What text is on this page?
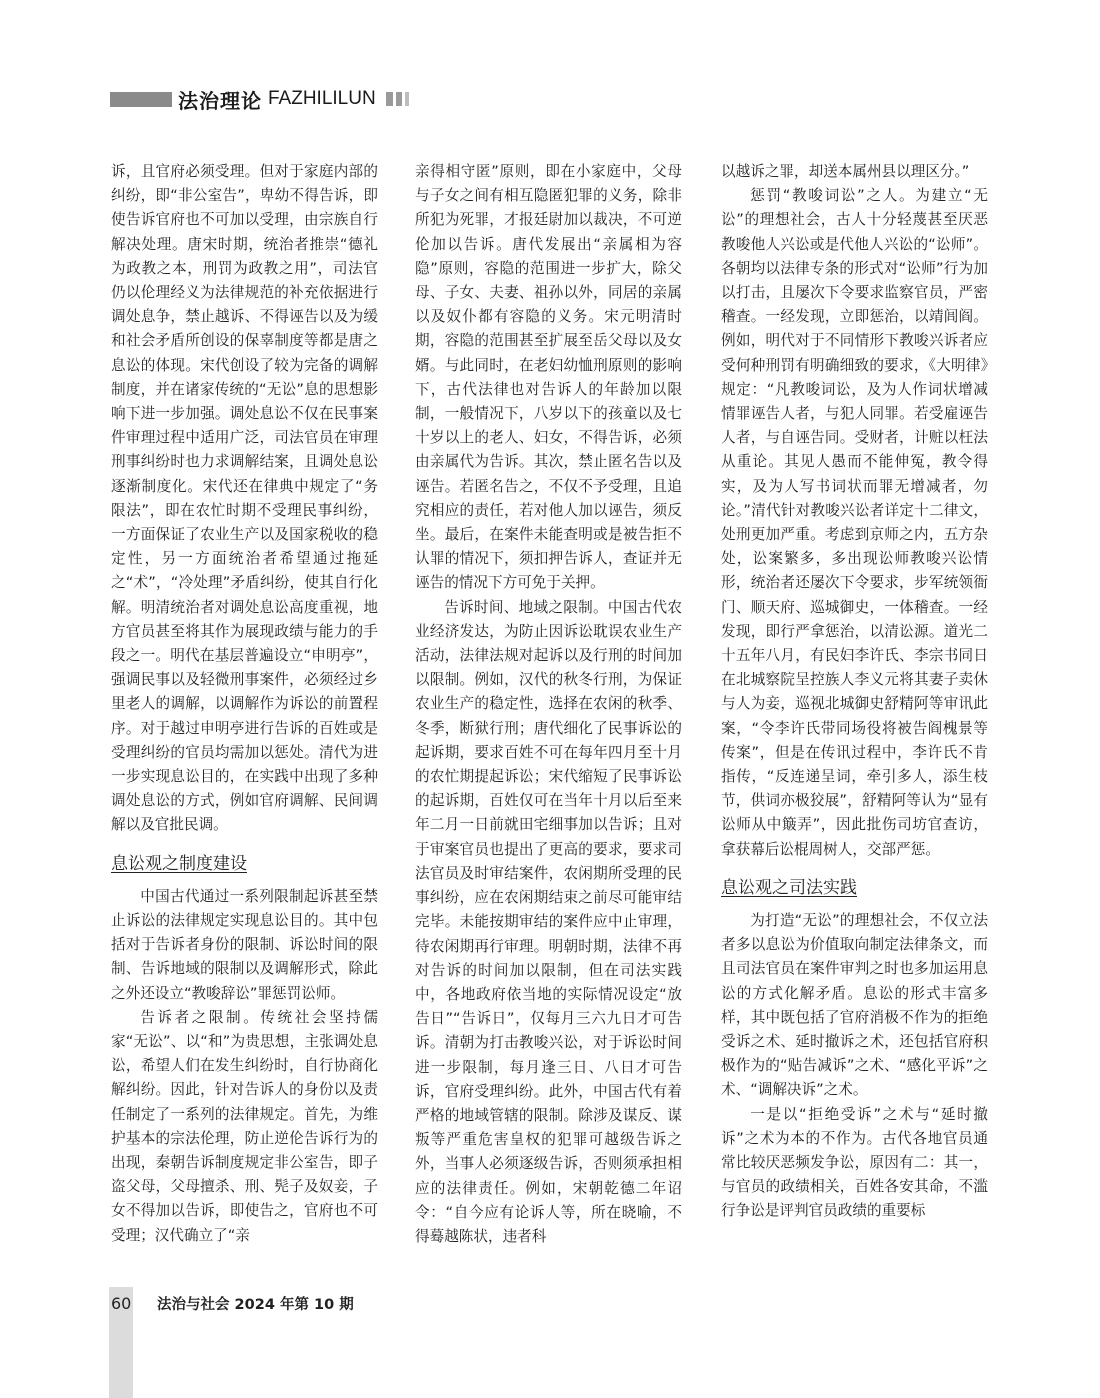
法治理论 FAZHILILUN

诉，且官府必须受理。但对于家庭内部的纠纷，即“非公室告”，卑幼不得告诉，即使告诉官府也不可加以受理，由宗族自行解决处理。唐宋时期，统治者推崇“德礼为政教之本，刑罚为政教之用”，司法官仍以伦理经义为法律规范的补充依据进行调处息争，禁止越诉、不得诬告以及为缓和社会矛盾所创设的保辜制度等都是唐之息讼的体现。宋代创设了较为完备的调解制度，并在诸家传统的“无讼”息的思想影响下进一步加强。调处息讼不仅在民事案件审理过程中适用广泛，司法官员在审理刑事纠纷时也力求调解结案，且调处息讼逐渐制度化。宋代还在律典中规定了“务限法”，即在农忙时期不受理民事纠纷，一方面保证了农业生产以及国家税收的稳定性，另一方面统治者希望通过拖延之“术”，“冷处理”矛盾纠纷，使其自行化解。明清统治者对调处息讼高度重视，地方官员甚至将其作为展现政绩与能力的手段之一。明代在基层普遍设立“申明亭”，强调民事以及轻微刑事案件，必须经过乡里老人的调解，以调解作为诉讼的前置程序。对于越过申明亭进行告诉的百姓或是受理纠纷的官员均需加以惩处。清代为进一步实现息讼目的，在实践中出现了多种调处息讼的方式，例如官府调解、民间调解以及官批民调。

息讼观之制度建设

中国古代通过一系列限制起诉甚至禁止诉讼的法律规定实现息讼目的。其中包括对于告诉者身份的限制、诉讼时间的限制、告诉地域的限制以及调解形式，除此之外还设立“教唆辞讼”罪惩罚讼师。

告诉者之限制。传统社会坚持儒家“无讼”、以“和”为贵思想，主张调处息讼，希望人们在发生纠纷时，自行协商化解纠纷。因此，针对告诉人的身份以及责任制定了一系列的法律规定。首先，为维护基本的宗法伦理，防止逆伦告诉行为的出现，秦朝告诉制度规定非公室告，即子盗父母，父母擅杀、刑、髡子及奴妾，子女不得加以告诉，即使告之，官府也不可受理；汉代确立了“亲

亲得相守匿”原则，即在小家庭中，父母与子女之间有相互隐匿犯罪的义务，除非所犯为死罪，才报廷尉加以裁决，不可逆伦加以告诉。唐代发展出“亲属相为容隐”原则，容隐的范围进一步扩大，除父母、子女、夫妻、祖孙以外，同居的亲属以及奴仆都有容隐的义务。宋元明清时期，容隐的范围甚至扩展至岳父母以及女婿。与此同时，在老妇幼恤刑原则的影响下，古代法律也对告诉人的年龄加以限制，一般情况下，八岁以下的孩童以及七十岁以上的老人、妇女，不得告诉，必须由亲属代为告诉。其次，禁止匿名告以及诬告。若匿名告之，不仅不予受理，且追究相应的责任，若对他人加以诬告，须反坐。最后，在案件未能查明或是被告拒不认罪的情况下，须扣押告诉人，查证并无诬告的情况下方可免于关押。

告诉时间、地域之限制。中国古代农业经济发达，为防止因诉讼耽误农业生产活动，法律法规对起诉以及行刑的时间加以限制。例如，汉代的秋冬行刑，为保证农业生产的稳定性，选择在农闲的秋季、冬季，断狱行刑；唐代细化了民事诉讼的起诉期，要求百姓不可在每年四月至十月的农忙期提起诉讼；宋代缩短了民事诉讼的起诉期，百姓仅可在当年十月以后至来年二月一日前就田宅细事加以告诉；且对于审案官员也提出了更高的要求，要求司法官员及时审结案件，农闲期所受理的民事纠纷，应在农闲期结束之前尽可能审结完毕。未能按期审结的案件应中止审理，待农闲期再行审理。明朝时期，法律不再对告诉的时间加以限制，但在司法实践中，各地政府依当地的实际情况设定“放告日”“告诉日”，仅每月三六九日才可告诉。清朝为打击教唆兴讼，对于诉讼时间进一步限制，每月逢三日、八日才可告诉，官府受理纠纷。此外，中国古代有着严格的地域管辖的限制。除涉及谋反、谋叛等严重危害皇权的犯罪可越级告诉之外，当事人必须逐级告诉，否则须承担相应的法律责任。例如，宋朝乾德二年诏令：“自今应有论诉人等，所在晓喻，不得蓦越陈状，违者科

以越诉之罪，却送本属州县以理区分。”

惩罚“教唆词讼”之人。为建立“无讼”的理想社会，古人十分轻蔑甚至厌恶教唆他人兴讼或是代他人兴讼的“讼师”。各朝均以法律专条的形式对“讼师”行为加以打击，且屡次下令要求监察官员，严密稽查。一经发现，立即惩治，以靖闾阎。例如，明代对于不同情形下教唆兴诉者应受何种刑罚有明确细致的要求，《大明律》规定：“凡教唆词讼，及为人作词状增减情罪诬告人者，与犯人同罪。若受雇诬告人者，与自诬告同。受财者，计赃以枉法从重论。其见人愚而不能伸冤，教令得实，及为人写书词状而罪无增减者，勿论。”清代针对教唆兴讼者详定十二律文，处刑更加严重。考虑到京师之内，五方杂处，讼案繁多，多出现讼师教唆兴讼情形，统治者还屡次下令要求，步军统领衙门、顺天府、巡城御史，一体稽查。一经发现，即行严拿惩治，以清讼源。道光二十五年八月，有民妇李许氏、李宗书同日在北城察院呈控族人李义元将其妻子卖休与人为妾，巡视北城御史舒精阿等审讯此案，“令李许氏带同场役将被告阎槐景等传案”，但是在传讯过程中，李许氏不肯指传，“反连递呈词，牵引多人，添生枝节，供词亦极狡展”，舒精阿等认为“显有讼师从中簸弄”，因此批伤司坊官查访，拿获幕后讼棍周树人，交部严惩。

息讼观之司法实践

为打造“无讼”的理想社会，不仅立法者多以息讼为价值取向制定法律条文，而且司法官员在案件审判之时也多加运用息讼的方式化解矛盾。息讼的形式丰富多样，其中既包括了官府消极不作为的拒绝受诉之术、延时撤诉之术，还包括官府积极作为的“贴告减诉”之术、“感化平诉”之术、“调解决诉”之术。

一是以“拒绝受诉”之术与“延时撤诉”之术为本的不作为。古代各地官员通常比较厌恶频发争讼，原因有二：其一，与官员的政绩相关，百姓各安其命，不滥行争讼是评判官员政绩的重要标

60	法治与社会 2024 年第 10 期
